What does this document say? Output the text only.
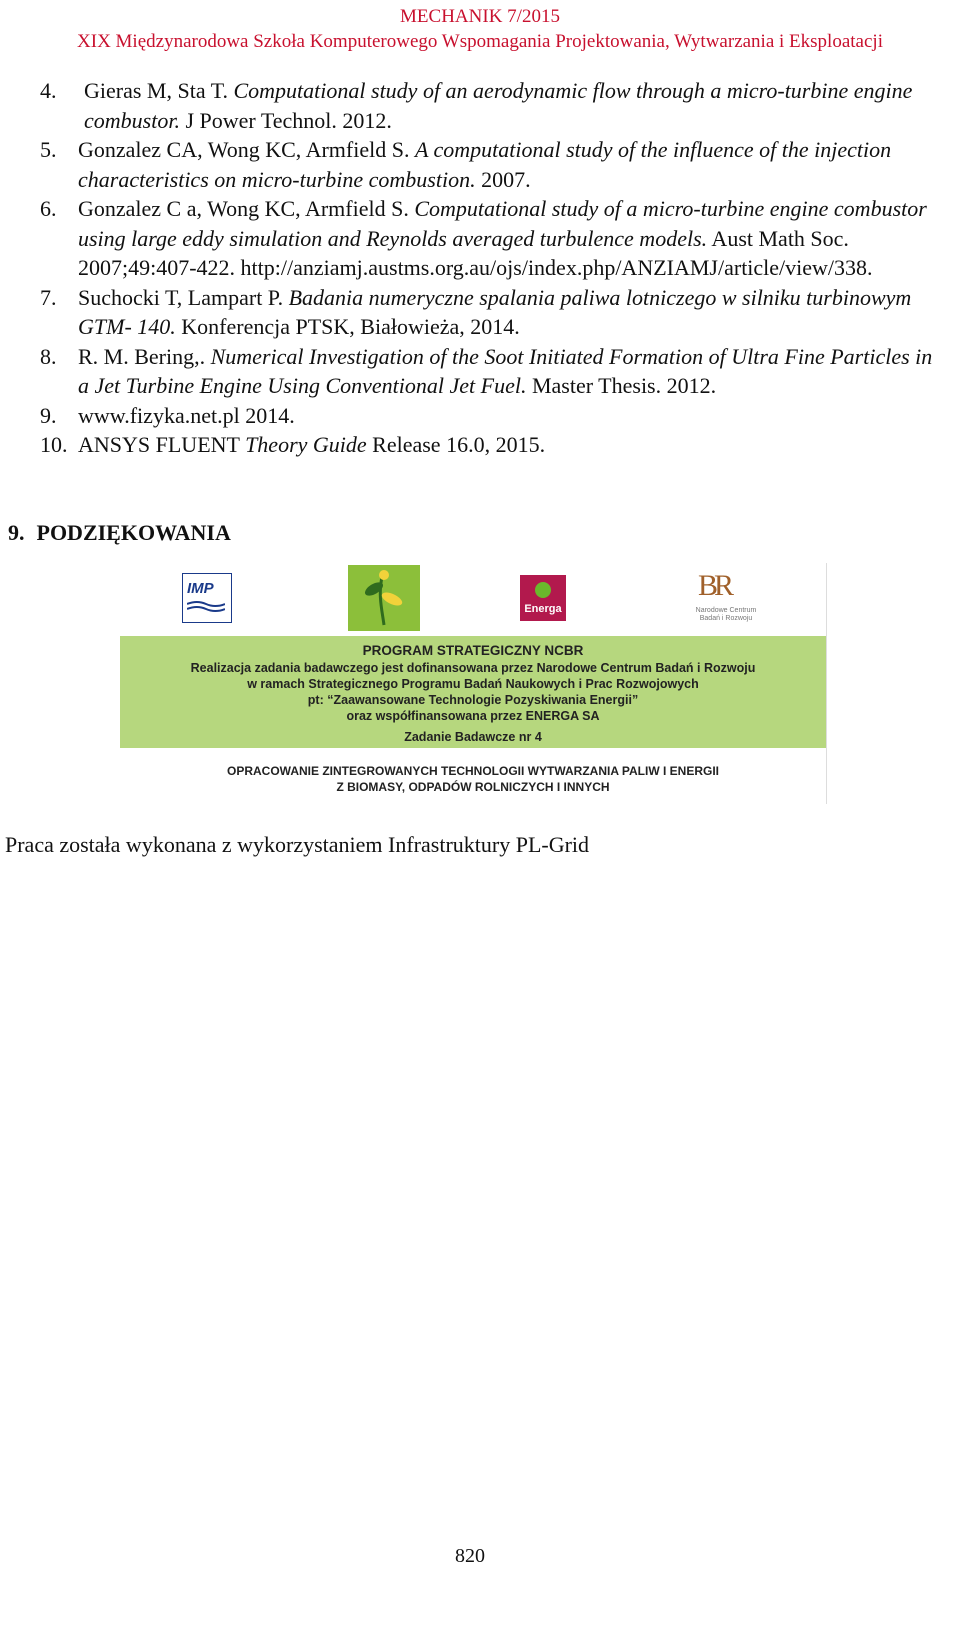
MECHANIK 7/2015
XIX Międzynarodowa Szkoła Komputerowego Wspomagania Projektowania, Wytwarzania i Eksploatacji
4.	Gieras M, Sta T. Computational study of an aerodynamic flow through a micro-turbine engine combustor. J Power Technol. 2012.
5. Gonzalez CA, Wong KC, Armfield S. A computational study of the influence of the injection characteristics on micro-turbine combustion. 2007.
6. Gonzalez C a, Wong KC, Armfield S. Computational study of a micro-turbine engine combustor using large eddy simulation and Reynolds averaged turbulence models. Aust Math Soc. 2007;49:407-422. http://anziamj.austms.org.au/ojs/index.php/ANZIAMJ/article/view/338.
7. Suchocki T, Lampart P. Badania numeryczne spalania paliwa lotniczego w silniku turbinowym GTM- 140. Konferencja PTSK, Białowieża, 2014.
8. R. M. Bering,. Numerical Investigation of the Soot Initiated Formation of Ultra Fine Particles in a Jet Turbine Engine Using Conventional Jet Fuel. Master Thesis. 2012.
9. www.fizyka.net.pl 2014.
10. ANSYS FLUENT Theory Guide Release 16.0, 2015.
9. PODZIĘKOWANIA
IMP
Energa
BR
Narodowe Centrum Badań i Rozwoju
PROGRAM STRATEGICZNY NCBR
Realizacja zadania badawczego jest dofinansowana przez Narodowe Centrum Badań i Rozwoju
w ramach Strategicznego Programu Badań Naukowych i Prac Rozwojowych
pt: “Zaawansowane Technologie Pozyskiwania Energii”
oraz współfinansowana przez ENERGA SA
Zadanie Badawcze nr 4
OPRACOWANIE ZINTEGROWANYCH TECHNOLOGII WYTWARZANIA PALIW I ENERGII
Z BIOMASY, ODPADÓW ROLNICZYCH I INNYCH
Praca została wykonana z wykorzystaniem Infrastruktury PL-Grid
820
